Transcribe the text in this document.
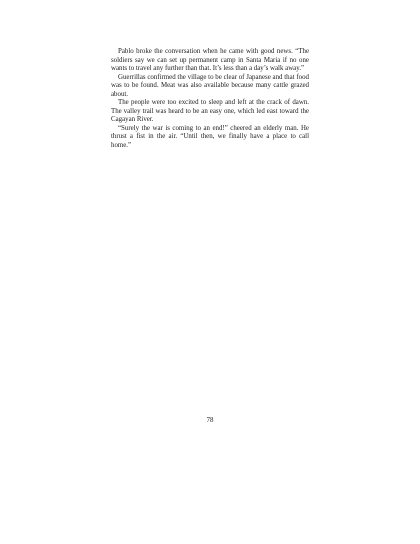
Pablo broke the conversation when he came with good news. “The soldiers say we can set up permanent camp in Santa Maria if no one wants to travel any further than that. It’s less than a day’s walk away.”

Guerrillas confirmed the village to be clear of Japanese and that food was to be found. Meat was also available because many cattle grazed about.

The people were too excited to sleep and left at the crack of dawn. The valley trail was heard to be an easy one, which led east toward the Cagayan River.

“Surely the war is coming to an end!” cheered an elderly man. He thrust a fist in the air. “Until then, we finally have a place to call home.”

78
